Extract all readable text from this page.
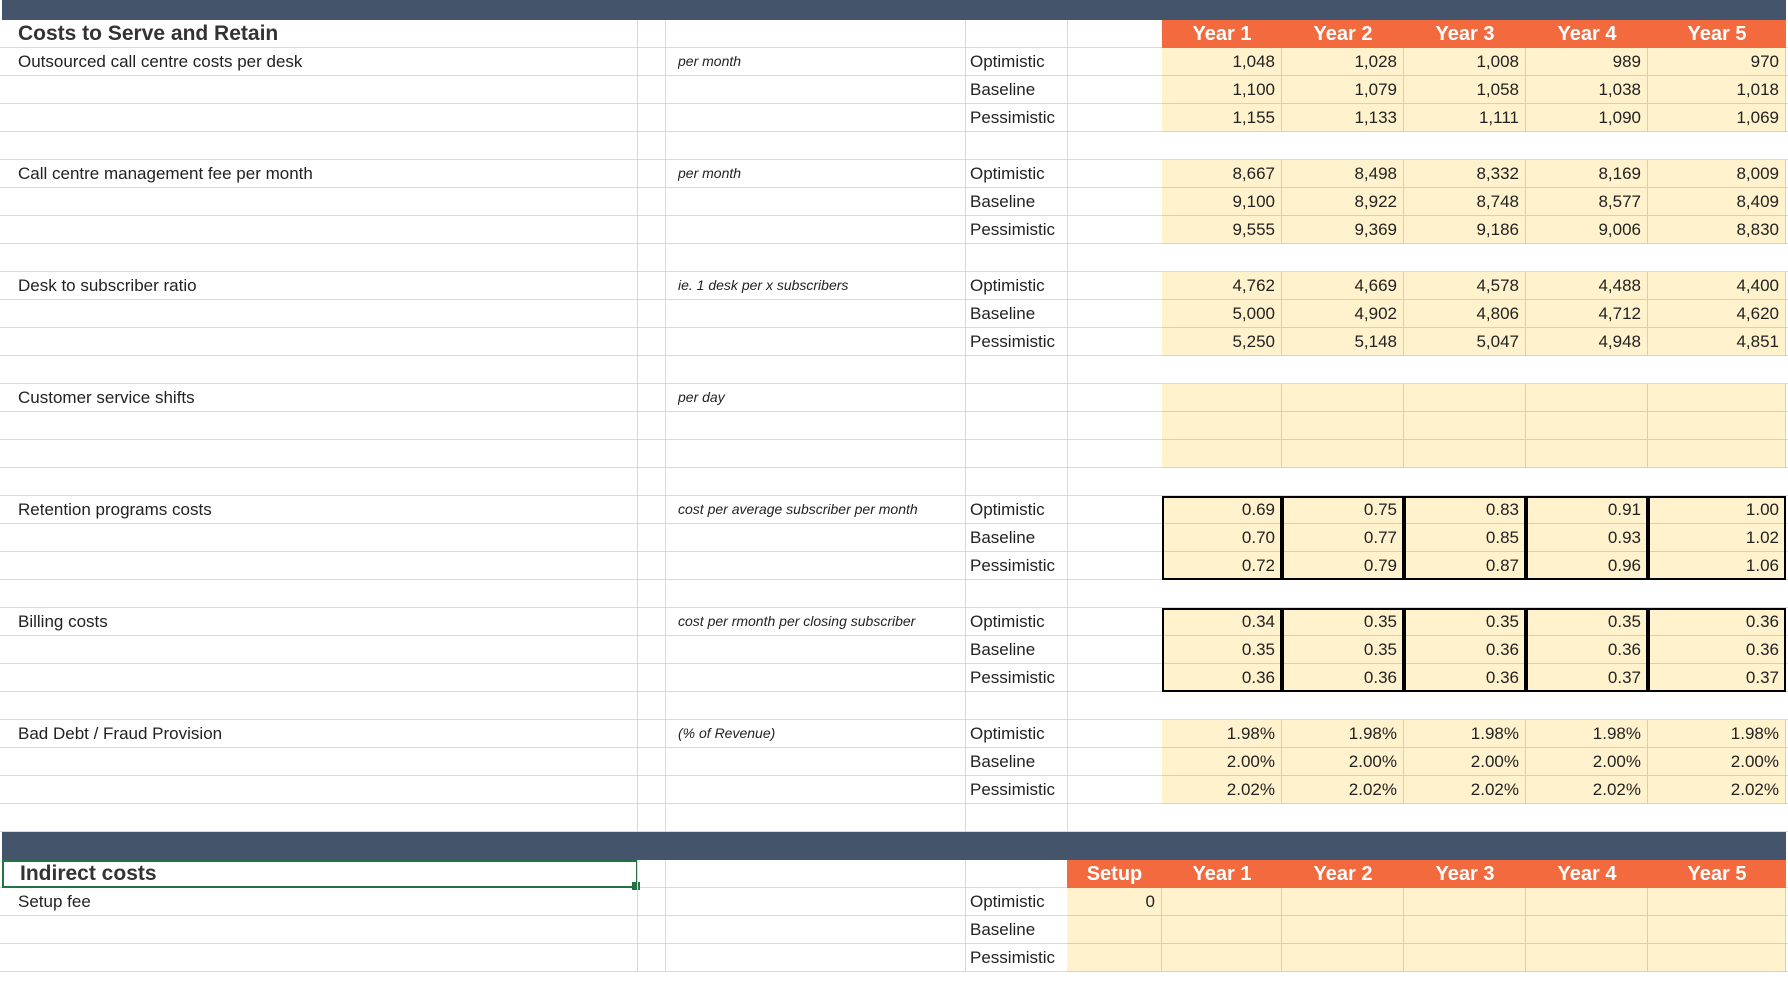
Costs to Serve and Retain	Year 1	Year 2	Year 3	Year 4	Year 5
Outsourced call centre costs per desk	per month	Optimistic	1,048	1,028	1,008	989	970
Baseline	1,100	1,079	1,058	1,038	1,018
Pessimistic	1,155	1,133	1,111	1,090	1,069
Call centre management fee per month	per month	Optimistic	8,667	8,498	8,332	8,169	8,009
Baseline	9,100	8,922	8,748	8,577	8,409
Pessimistic	9,555	9,369	9,186	9,006	8,830
Desk to subscriber ratio	ie. 1 desk per x subscribers	Optimistic	4,762	4,669	4,578	4,488	4,400
Baseline	5,000	4,902	4,806	4,712	4,620
Pessimistic	5,250	5,148	5,047	4,948	4,851
Customer service shifts	per day
Retention programs costs	cost per average subscriber per month	Optimistic	0.69	0.75	0.83	0.91	1.00
Baseline	0.70	0.77	0.85	0.93	1.02
Pessimistic	0.72	0.79	0.87	0.96	1.06
Billing costs	cost per rmonth per closing subscriber	Optimistic	0.34	0.35	0.35	0.35	0.36
Baseline	0.35	0.35	0.36	0.36	0.36
Pessimistic	0.36	0.36	0.36	0.37	0.37
Bad Debt / Fraud Provision	(% of Revenue)	Optimistic	1.98%	1.98%	1.98%	1.98%	1.98%
Baseline	2.00%	2.00%	2.00%	2.00%	2.00%
Pessimistic	2.02%	2.02%	2.02%	2.02%	2.02%
Indirect costs	Setup	Year 1	Year 2	Year 3	Year 4	Year 5
Setup fee	Optimistic	0
Baseline
Pessimistic
